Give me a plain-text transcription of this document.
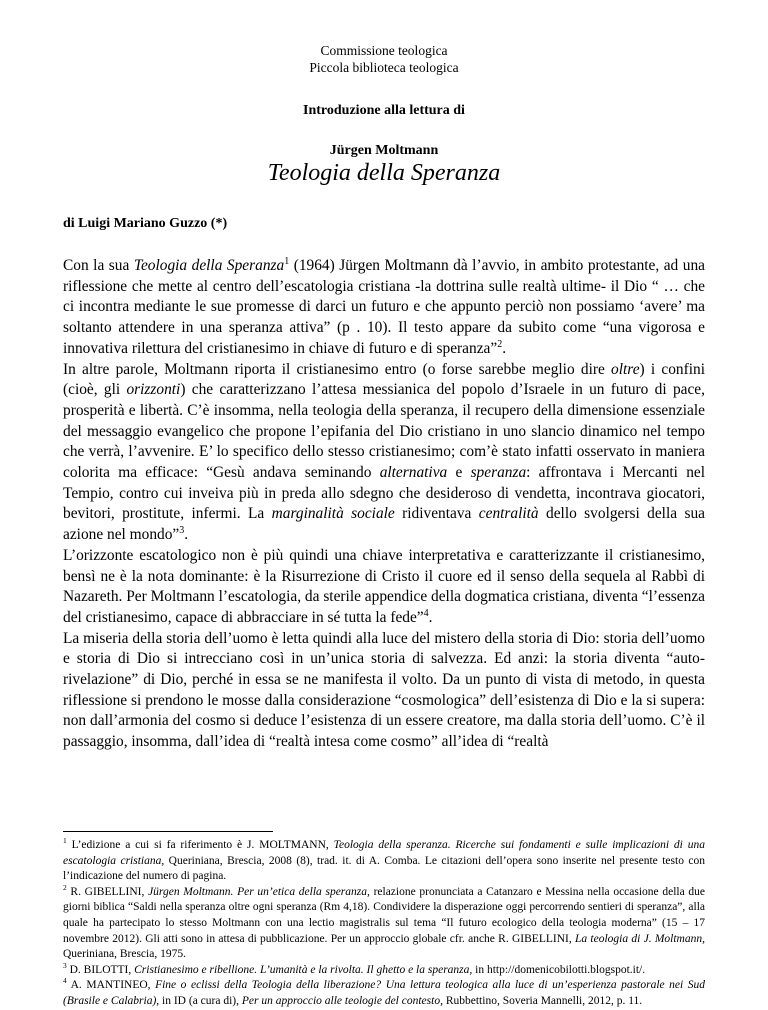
Commissione teologica
Piccola biblioteca teologica
Introduzione alla lettura di
Jürgen Moltmann
Teologia della Speranza
di Luigi Mariano Guzzo (*)

Con la sua Teologia della Speranza$^1$ (1964) Jürgen Moltmann dà l’avvio, in ambito protestante, ad una riflessione che mette al centro dell’escatologia cristiana -la dottrina sulle realtà ultime- il Dio “ … che ci incontra mediante le sue promesse di darci un futuro e che appunto perciò non possiamo ‘avere’ ma soltanto attendere in una speranza attiva” (p . 10). Il testo appare da subito come “una vigorosa e innovativa rilettura del cristianesimo in chiave di futuro e di speranza”$^2$.

In altre parole, Moltmann riporta il cristianesimo entro (o forse sarebbe meglio dire oltre) i confini (cioè, gli orizzonti) che caratterizzano l’attesa messianica del popolo d’Israele in un futuro di pace, prosperità e libertà. C’è insomma, nella teologia della speranza, il recupero della dimensione essenziale del messaggio evangelico che propone l’epifania del Dio cristiano in uno slancio dinamico nel tempo che verrà, l’avvenire. E’ lo specifico dello stesso cristianesimo; com’è stato infatti osservato in maniera colorita ma efficace: “Gesù andava seminando alternativa e speranza: affrontava i Mercanti nel Tempio, contro cui inveiva più in preda allo sdegno che desideroso di vendetta, incontrava giocatori, bevitori, prostitute, infermi. La marginalità sociale ridiventava centralità dello svolgersi della sua azione nel mondo”$^3$.

L’orizzonte escatologico non è più quindi una chiave interpretativa e caratterizzante il cristianesimo, bensì ne è la nota dominante: è la Risurrezione di Cristo il cuore ed il senso della sequela al Rabbì di Nazareth. Per Moltmann l’escatologia, da sterile appendice della dogmatica cristiana, diventa “l’essenza del cristianesimo, capace di abbracciare in sé tutta la fede”$^4$.

La miseria della storia dell’uomo è letta quindi alla luce del mistero della storia di Dio: storia dell’uomo e storia di Dio si intrecciano così in un’unica storia di salvezza. Ed anzi: la storia diventa “auto-rivelazione” di Dio, perché in essa se ne manifesta il volto. Da un punto di vista di metodo, in questa riflessione si prendono le mosse dalla considerazione “cosmologica” dell’esistenza di Dio e la si supera: non dall’armonia del cosmo si deduce l’esistenza di un essere creatore, ma dalla storia dell’uomo. C’è il passaggio, insomma, dall’idea di “realtà intesa come cosmo” all’idea di “realtà

$^1$ L’edizione a cui si fa riferimento è J. MOLTMANN, Teologia della speranza. Ricerche sui fondamenti e sulle implicazioni di una escatologia cristiana, Queriniana, Brescia, 2008 (8), trad. it. di A. Comba. Le citazioni dell’opera sono inserite nel presente testo con l’indicazione del numero di pagina.

$^2$ R. GIBELLINI, Jürgen Moltmann. Per un’etica della speranza, relazione pronunciata a Catanzaro e Messina nella occasione della due giorni biblica “Saldi nella speranza oltre ogni speranza (Rm 4,18). Condividere la disperazione oggi percorrendo sentieri di speranza”, alla quale ha partecipato lo stesso Moltmann con una lectio magistralis sul tema “Il futuro ecologico della teologia moderna” (15 – 17 novembre 2012). Gli atti sono in attesa di pubblicazione. Per un approccio globale cfr. anche R. GIBELLINI, La teologia di J. Moltmann, Queriniana, Brescia, 1975.

$^3$ D. BILOTTI, Cristianesimo e ribellione. L’umanità e la rivolta. Il ghetto e la speranza, in http://domenicobilotti.blogspot.it/.

$^4$ A. MANTINEO, Fine o eclissi della Teologia della liberazione? Una lettura teologica alla luce di un’esperienza pastorale nei Sud (Brasile e Calabria), in ID (a cura di), Per un approccio alle teologie del contesto, Rubbettino, Soveria Mannelli, 2012, p. 11.
